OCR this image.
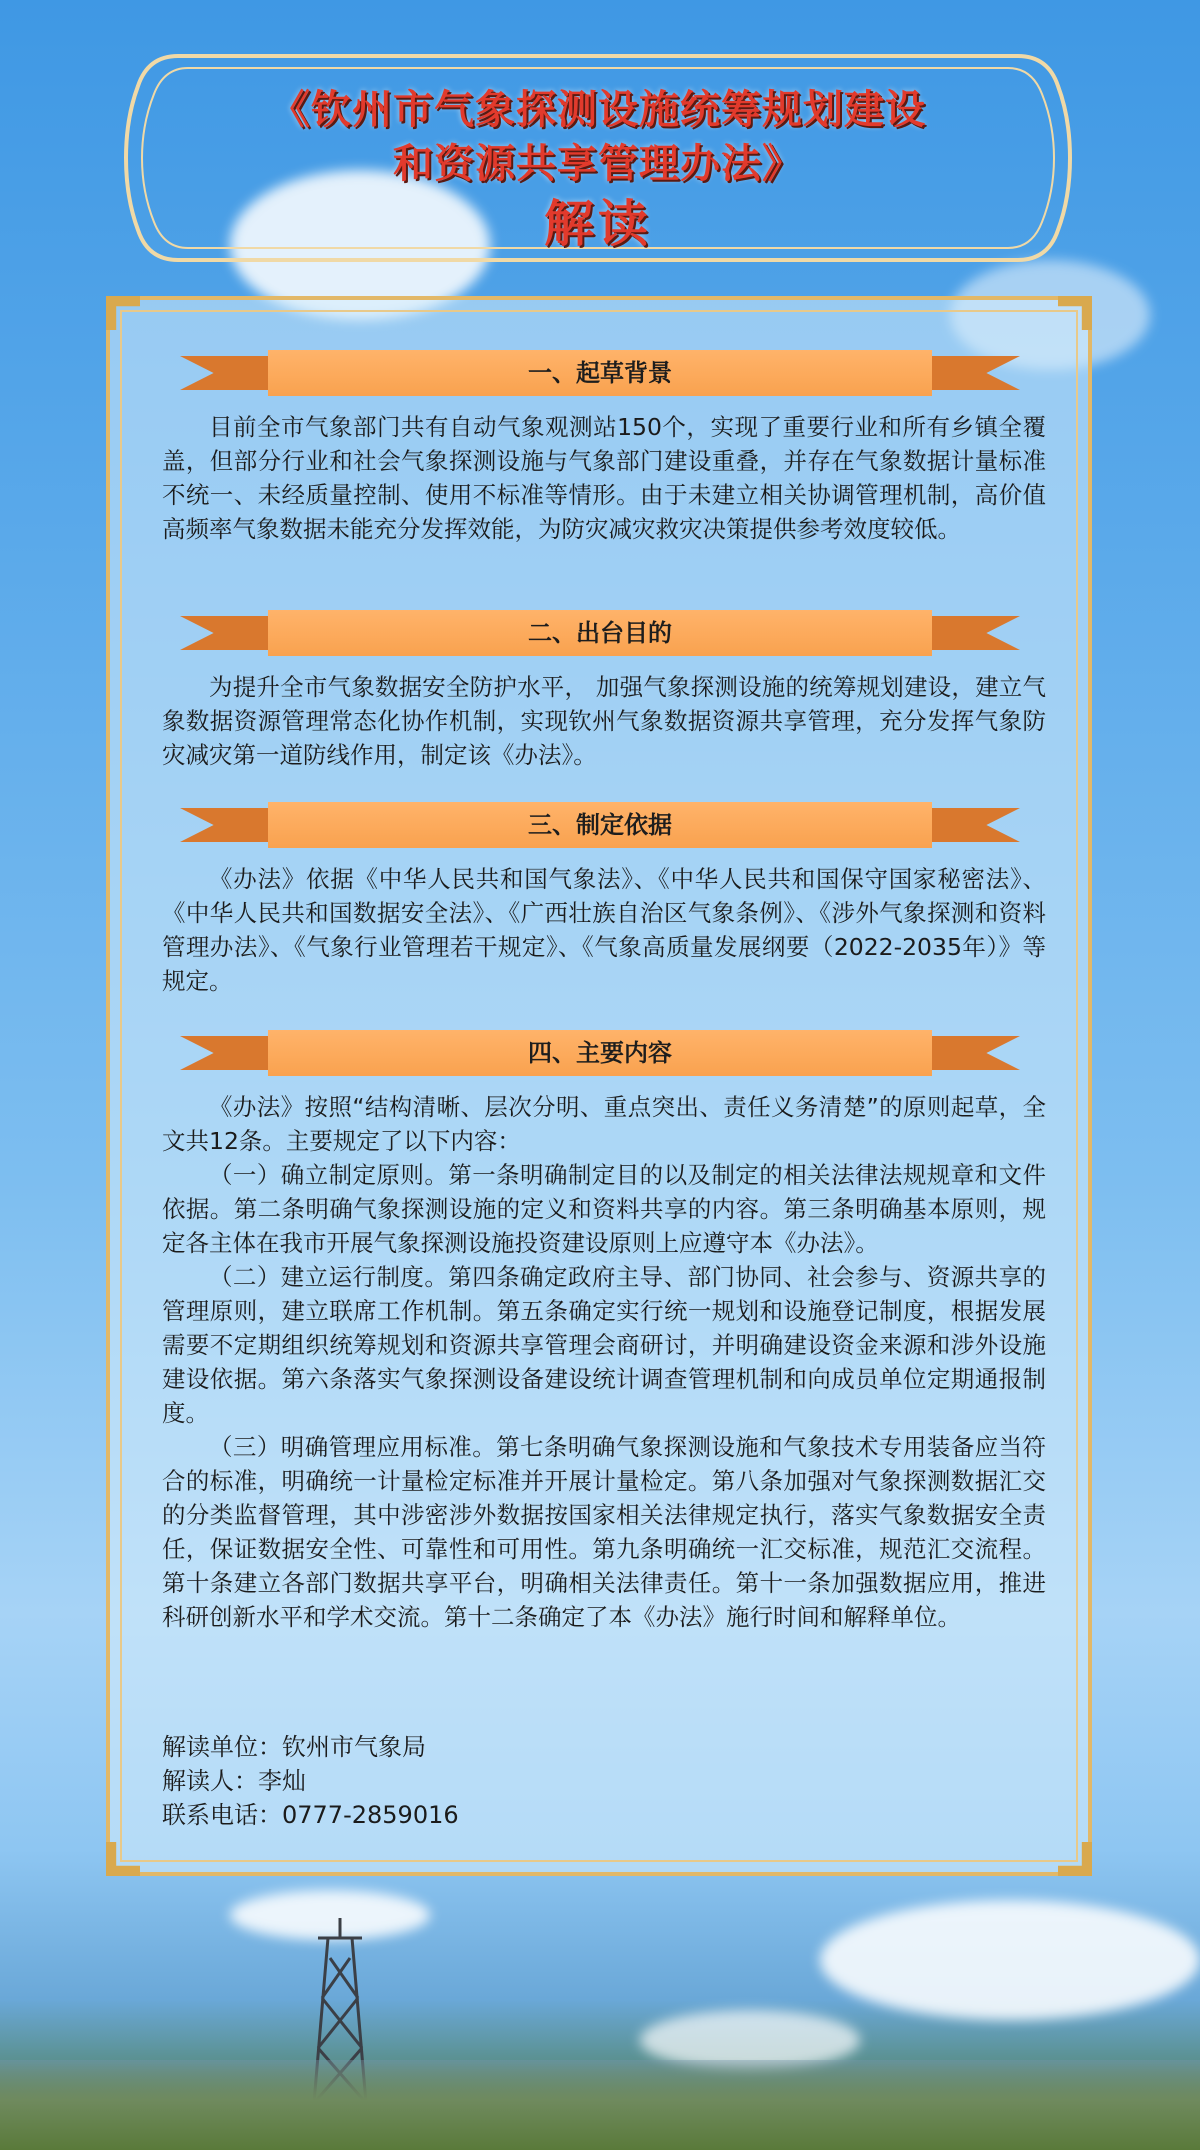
《钦州市气象探测设施统筹规划建设
和资源共享管理办法》
解读
一、起草背景

目前全市气象部门共有自动气象观测站150个，实现了重要行业和所有乡镇全覆盖，但部分行业和社会气象探测设施与气象部门建设重叠，并存在气象数据计量标准不统一、未经质量控制、使用不标准等情形。由于未建立相关协调管理机制，高价值高频率气象数据未能充分发挥效能，为防灾减灾救灾决策提供参考效度较低。

二、出台目的

为提升全市气象数据安全防护水平， 加强气象探测设施的统筹规划建设，建立气象数据资源管理常态化协作机制，实现钦州气象数据资源共享管理，充分发挥气象防灾减灾第一道防线作用，制定该《办法》。

三、制定依据

《办法》依据《中华人民共和国气象法》、《中华人民共和国保守国家秘密法》、《中华人民共和国数据安全法》、《广西壮族自治区气象条例》、《涉外气象探测和资料管理办法》、《气象行业管理若干规定》、《气象高质量发展纲要（2022-2035年）》等规定。

四、主要内容

《办法》按照“结构清晰、层次分明、重点突出、责任义务清楚”的原则起草，全文共12条。主要规定了以下内容：

（一）确立制定原则。第一条明确制定目的以及制定的相关法律法规规章和文件依据。第二条明确气象探测设施的定义和资料共享的内容。第三条明确基本原则，规定各主体在我市开展气象探测设施投资建设原则上应遵守本《办法》。

（二）建立运行制度。第四条确定政府主导、部门协同、社会参与、资源共享的管理原则，建立联席工作机制。第五条确定实行统一规划和设施登记制度，根据发展需要不定期组织统筹规划和资源共享管理会商研讨，并明确建设资金来源和涉外设施建设依据。第六条落实气象探测设备建设统计调查管理机制和向成员单位定期通报制度。

（三）明确管理应用标准。第七条明确气象探测设施和气象技术专用装备应当符合的标准，明确统一计量检定标准并开展计量检定。第八条加强对气象探测数据汇交的分类监督管理，其中涉密涉外数据按国家相关法律规定执行，落实气象数据安全责任，保证数据安全性、可靠性和可用性。第九条明确统一汇交标准，规范汇交流程。第十条建立各部门数据共享平台，明确相关法律责任。第十一条加强数据应用，推进科研创新水平和学术交流。第十二条确定了本《办法》施行时间和解释单位。

解读单位：钦州市气象局
解读人：李灿
联系电话：0777-2859016
